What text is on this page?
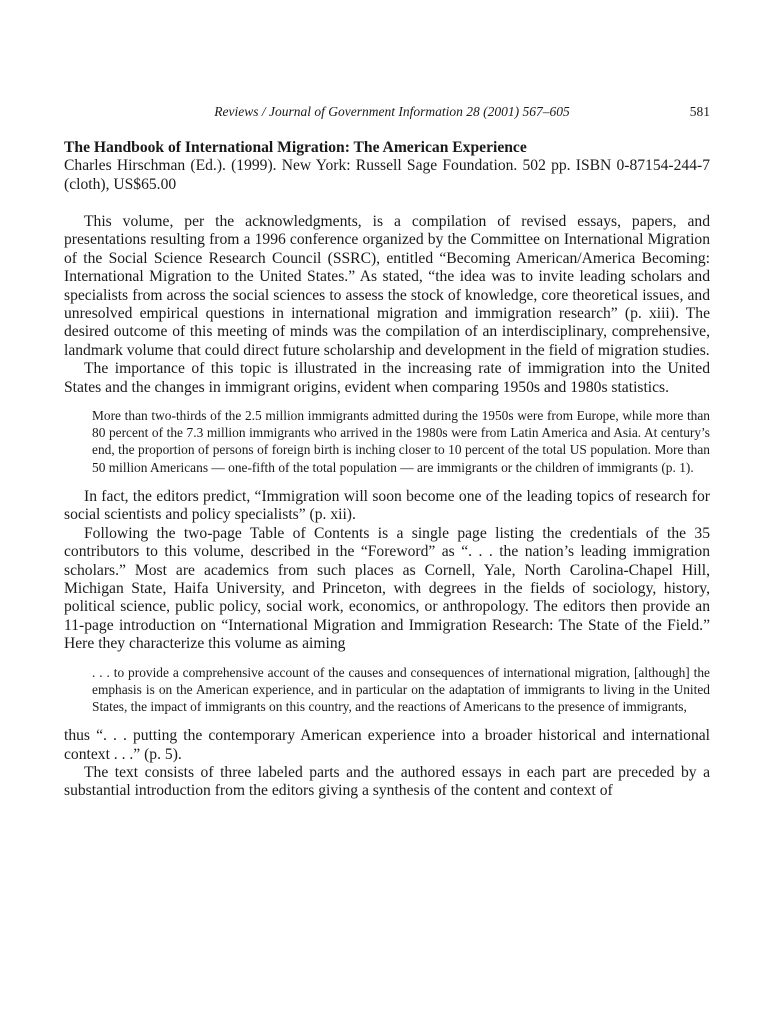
Reviews / Journal of Government Information 28 (2001) 567–605	581

The Handbook of International Migration: The American Experience

Charles Hirschman (Ed.). (1999). New York: Russell Sage Foundation. 502 pp. ISBN 0-87154-244-7 (cloth), US$65.00

This volume, per the acknowledgments, is a compilation of revised essays, papers, and presentations resulting from a 1996 conference organized by the Committee on International Migration of the Social Science Research Council (SSRC), entitled “Becoming American/America Becoming: International Migration to the United States.” As stated, “the idea was to invite leading scholars and specialists from across the social sciences to assess the stock of knowledge, core theoretical issues, and unresolved empirical questions in international migration and immigration research” (p. xiii). The desired outcome of this meeting of minds was the compilation of an interdisciplinary, comprehensive, landmark volume that could direct future scholarship and development in the field of migration studies.

The importance of this topic is illustrated in the increasing rate of immigration into the United States and the changes in immigrant origins, evident when comparing 1950s and 1980s statistics.

More than two-thirds of the 2.5 million immigrants admitted during the 1950s were from Europe, while more than 80 percent of the 7.3 million immigrants who arrived in the 1980s were from Latin America and Asia. At century’s end, the proportion of persons of foreign birth is inching closer to 10 percent of the total US population. More than 50 million Americans — one-fifth of the total population — are immigrants or the children of immigrants (p. 1).

In fact, the editors predict, “Immigration will soon become one of the leading topics of research for social scientists and policy specialists” (p. xii).

Following the two-page Table of Contents is a single page listing the credentials of the 35 contributors to this volume, described in the “Foreword” as “. . . the nation’s leading immigration scholars.” Most are academics from such places as Cornell, Yale, North Carolina-Chapel Hill, Michigan State, Haifa University, and Princeton, with degrees in the fields of sociology, history, political science, public policy, social work, economics, or anthropology. The editors then provide an 11-page introduction on “International Migration and Immigration Research: The State of the Field.” Here they characterize this volume as aiming

. . . to provide a comprehensive account of the causes and consequences of international migration, [although] the emphasis is on the American experience, and in particular on the adaptation of immigrants to living in the United States, the impact of immigrants on this country, and the reactions of Americans to the presence of immigrants,

thus “. . . putting the contemporary American experience into a broader historical and international context . . .” (p. 5).

The text consists of three labeled parts and the authored essays in each part are preceded by a substantial introduction from the editors giving a synthesis of the content and context of
